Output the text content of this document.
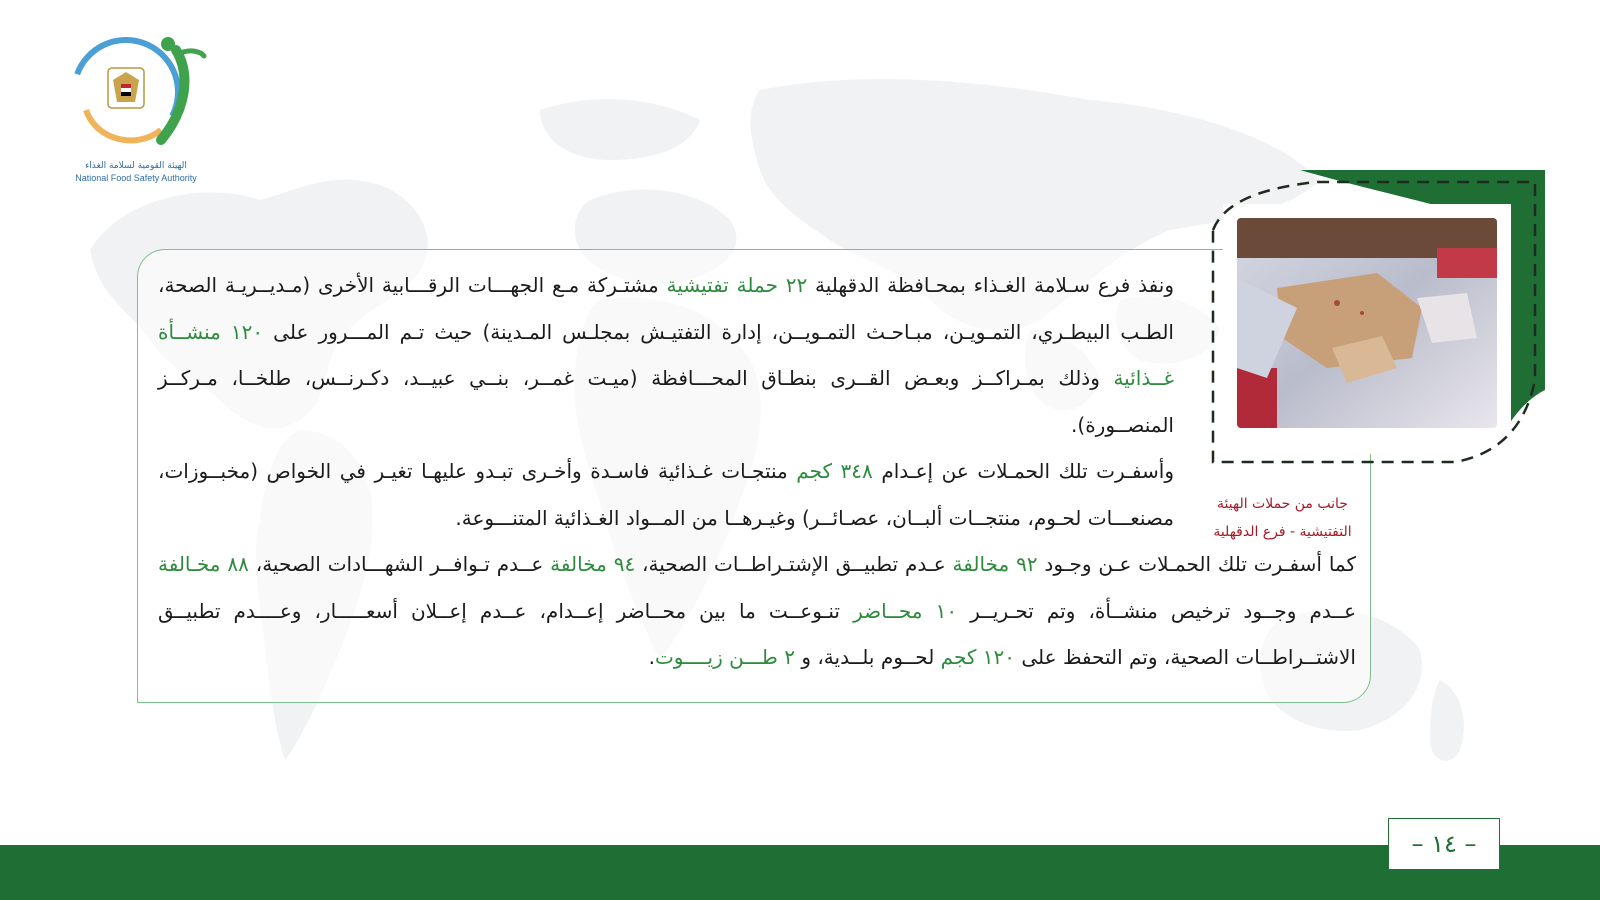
الهيئة القومية لسلامة الغذاء
National Food Safety Authority
NFSA

ونفذ فرع سـلامة الغـذاء بمحـافظة الدقهلية ٢٢ حملة تفتيشية مشتـركة مـع الجهـــات الرقـــابية الأخرى (مـديــريـة الصحة، الطـب البيطـري، التمـويـن، مبـاحـث التمـويــن، إدارة التفتيـش بمجلـس المـدينة) حيث تـم المـــرور على ١٢٠ منشــأة غــذائية وذلك بمـراكــز وبعـض القــرى بنطـاق المحـــافظة (ميـت غمــر، بنــي عبيــد، دكـرنــس، طلخــا، مـركــز المنصــورة).

وأسفـرت تلك الحمـلات عن إعـدام ٣٤٨ كجم منتجـات غـذائية فاسـدة وأخـرى تبـدو عليهـا تغيـر في الخواص (مخبــوزات، مصنعـــات لحـوم، منتجــات ألبــان، عصـائــر) وغيـرهــا من المــواد الغـذائية المتنـــوعة.

كما أسفـرت تلك الحمـلات عـن وجـود ٩٢ مخالفة عـدم تطبيــق الإشتـراطــات الصحية، ٩٤ مخالفة عــدم تـوافــر الشهـــادات الصحية، ٨٨ مخـالفة عــدم وجــود ترخيص منشــأة، وتم تحـريــر ١٠ محــاضر تنـوعــت ما بين محــاضر إعــدام، عــدم إعــلان أسعـــــار، وعــــدم تطبيــق الاشتــراطــات الصحية، وتم التحفظ على ١٢٠ كجم لحــوم بلــدية، و ٢ طـــن زيــــوت.

جانب من حملات الهيئة
التفتيشية - فرع الدقهلية
– ١٤ –
